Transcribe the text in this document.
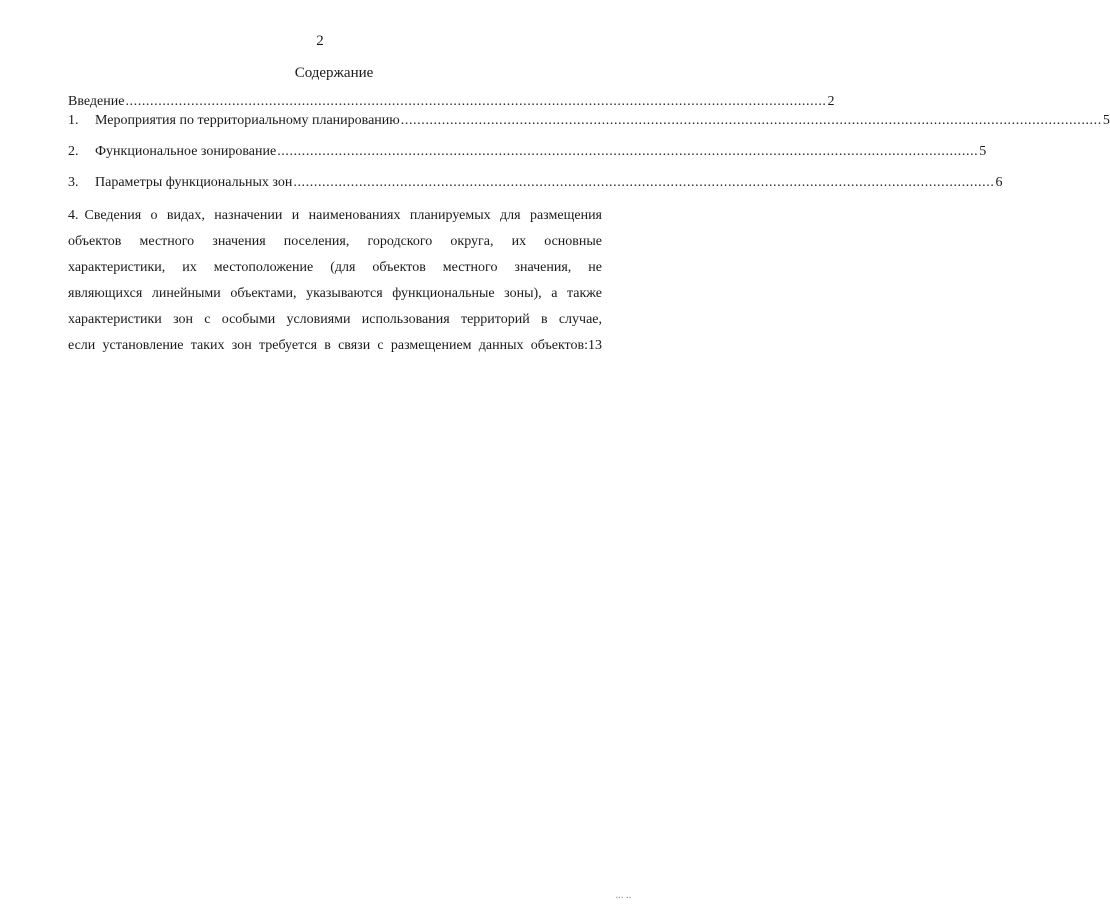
2
Содержание
Введение ........................................................................................................................................................................... 2
1.	Мероприятия по территориальному планированию ........................................................................................................................................................................... 5
2.	Функциональное зонирование ........................................................................................................................................................................... 5
3.	Параметры функциональных зон ........................................................................................................................................................................... 6
4. Сведения о видах, назначении и наименованиях планируемых для размещения
объектов местного значения поселения, городского округа, их основные
характеристики, их местоположение (для объектов местного значения, не
являющихся линейными объектами, указываются функциональные зоны), а также
характеристики зон с особыми условиями использования территорий в случае,
если установление таких зон требуется в связи с размещением данных объектов:13
▪▪▪ ▪▪
